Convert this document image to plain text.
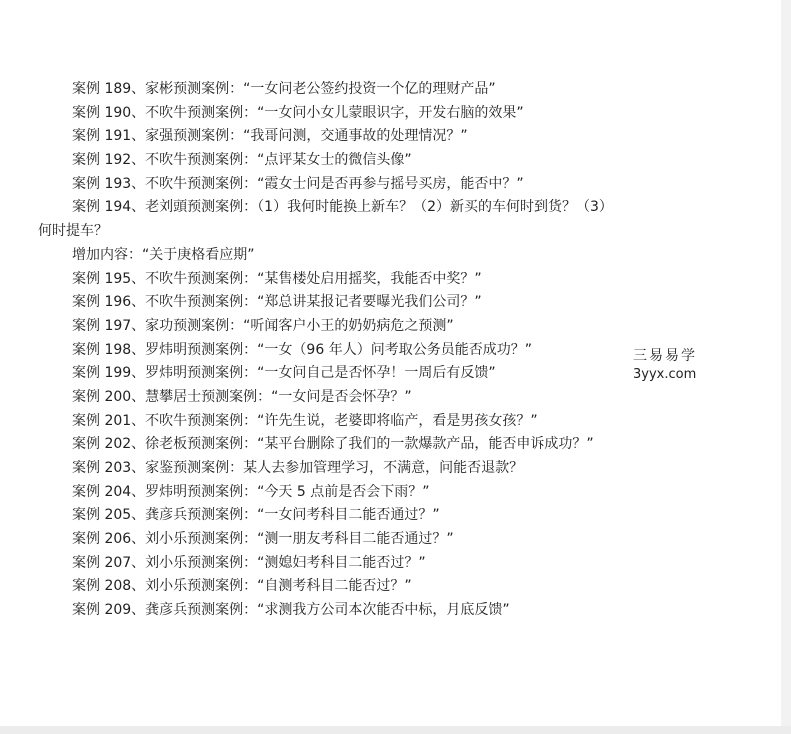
案例 189、家彬预测案例：“一女问老公签约投资一个亿的理财产品”
案例 190、不吹牛预测案例：“一女问小女儿蒙眼识字，开发右脑的效果”
案例 191、家强预测案例：“我哥问测，交通事故的处理情况？”
案例 192、不吹牛预测案例：“点评某女士的微信头像”
案例 193、不吹牛预测案例：“霞女士问是否再参与摇号买房，能否中？”
案例 194、老刘頭预测案例：（1）我何时能换上新车？（2）新买的车何时到货？（3）
何时提车？
增加内容：“关于庚格看应期”
案例 195、不吹牛预测案例：“某售楼处启用摇奖，我能否中奖？”
案例 196、不吹牛预测案例：“郑总讲某报记者要曝光我们公司？”
案例 197、家功预测案例：“听闻客户小王的奶奶病危之预测”
案例 198、罗炜明预测案例：“一女（96 年人）问考取公务员能否成功？”
案例 199、罗炜明预测案例：“一女问自己是否怀孕！一周后有反馈”
案例 200、慧攀居士预测案例：“一女问是否会怀孕？”
案例 201、不吹牛预测案例：“许先生说，老婆即将临产，看是男孩女孩？”
案例 202、徐老板预测案例：“某平台删除了我们的一款爆款产品，能否申诉成功？”
案例 203、家鉴预测案例：某人去参加管理学习，不满意，问能否退款？
案例 204、罗炜明预测案例：“今天 5 点前是否会下雨？”
案例 205、龚彦兵预测案例：“一女问考科目二能否通过？”
案例 206、刘小乐预测案例：“测一朋友考科目二能否通过？”
案例 207、刘小乐预测案例：“测媳妇考科目二能否过？”
案例 208、刘小乐预测案例：“自测考科目二能否过？”
案例 209、龚彦兵预测案例：“求测我方公司本次能否中标，月底反馈”
三易易学
3yyx.com
